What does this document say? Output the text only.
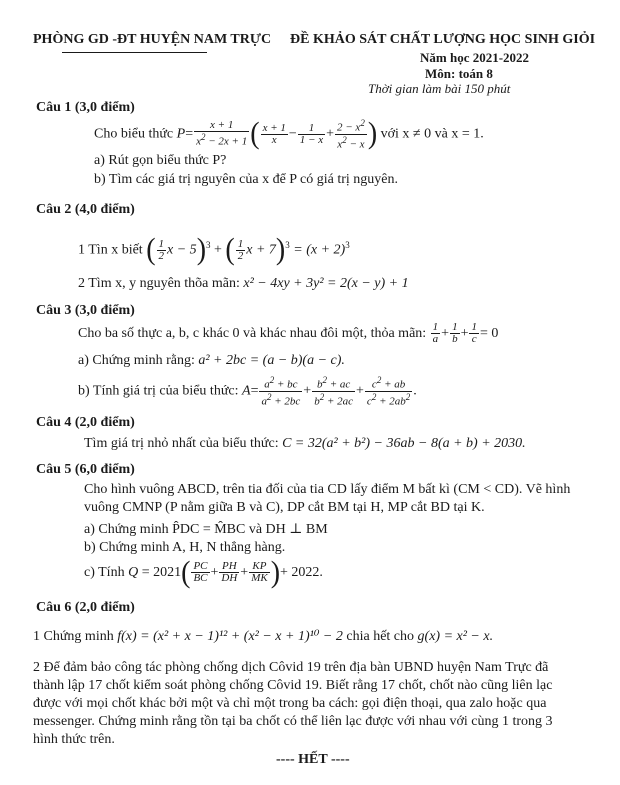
PHÒNG GD -ĐT HUYỆN NAM TRỰC ĐỀ KHẢO SÁT CHẤT LƯỢNG HỌC SINH GIỎI
Năm học 2021-2022
Môn: toán 8
Thời gian làm bài 150 phút
Câu 1 (3,0 điểm)
Cho biểu thức $P= \frac{x + 1}{x^2 - 2x + 1}$ ( $\frac{x + 1}{x} - \frac{1}{1 - x} + \frac{2 - x^2}{x^2 - x}$ ) với x ≠ 0 và x = 1.
a) Rút gọn biểu thức P?
b) Tìm các giá trị nguyên của x để P có giá trị nguyên.
Câu 2 (4,0 điểm)
1 Tìn x biết ( $\frac{1}{2}$ x − 5)$^3$ + ( $\frac{1}{2}$ $x + 7)^3 = (x + 2)^3$
2 Tìm x, y nguyên thõa mãn: x² − 4xy + 3y² = 2(x − y) + 1
Câu 3 (3,0 điểm)
Cho ba số thực a, b, c khác 0 và khác nhau đôi một, thỏa mãn: $\frac{1}{a} + \frac{1}{b} + \frac{1}{c} = 0$
a) Chứng minh rằng: a² + 2bc = (a − b)(a − c).
b) Tính giá trị của biểu thức: $A= \frac{a^2 + bc}{a^2 + 2bc} + \frac{b^2 + ac}{b^2 + 2ac} + \frac{c^2 + ab}{c^2 + 2ab^2}$ .
Câu 4 (2,0 điểm)
Tìm giá trị nhỏ nhất của biểu thức: C = 32(a² + b²) − 36ab − 8(a + b) + 2030.
Câu 5 (6,0 điểm)
Cho hình vuông ABCD, trên tia đối của tia CD lấy điểm M bất kì (CM < CD). Vẽ hình
vuông CMNP (P nằm giữa B và C), DP cắt BM tại H, MP cắt BD tại K.
a) Chứng minh P̂DC = M̂BC và DH ⊥ BM
b) Chứng minh A, H, N thẳng hàng.
c) Tính $Q = 2021( \frac{PC}{BC} + \frac{PH}{DH} + \frac{KP}{MK}$ )+ 2022.
Câu 6 (2,0 điểm)
1 Chứng minh f(x) = (x² + x − 1)¹² + (x² − x + 1)¹⁰ − 2 chia hết cho g(x) = x² − x.
2 Để đảm bảo công tác phòng chống dịch Côvid 19 trên địa bàn UBND huyện Nam Trực đã
thành lập 17 chốt kiểm soát phòng chống Côvid 19. Biết rằng 17 chốt, chốt nào cũng liên lạc
được với mọi chốt khác bởi một và chỉ một trong ba cách: gọi điện thoại, qua zalo hoặc qua
messenger. Chứng minh rằng tồn tại ba chốt có thể liên lạc được với nhau với cùng 1 trong 3
hình thức trên.
---- HẾT ----
